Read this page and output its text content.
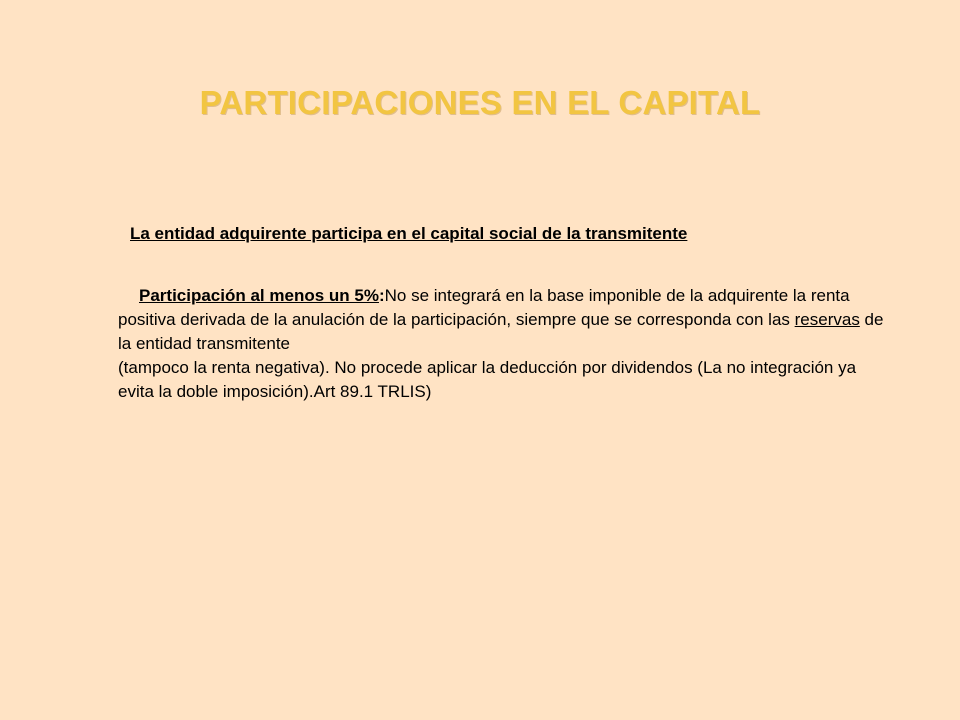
PARTICIPACIONES EN EL CAPITAL

La entidad adquirente participa en el capital social de la transmitente

Participación al menos un 5%:No se integrará en la base imponible de la adquirente la renta positiva derivada de la anulación de la participación, siempre que se corresponda con las reservas de la entidad transmitente
(tampoco la renta negativa). No procede aplicar la deducción por dividendos (La no integración ya evita la doble imposición).Art 89.1 TRLIS)
